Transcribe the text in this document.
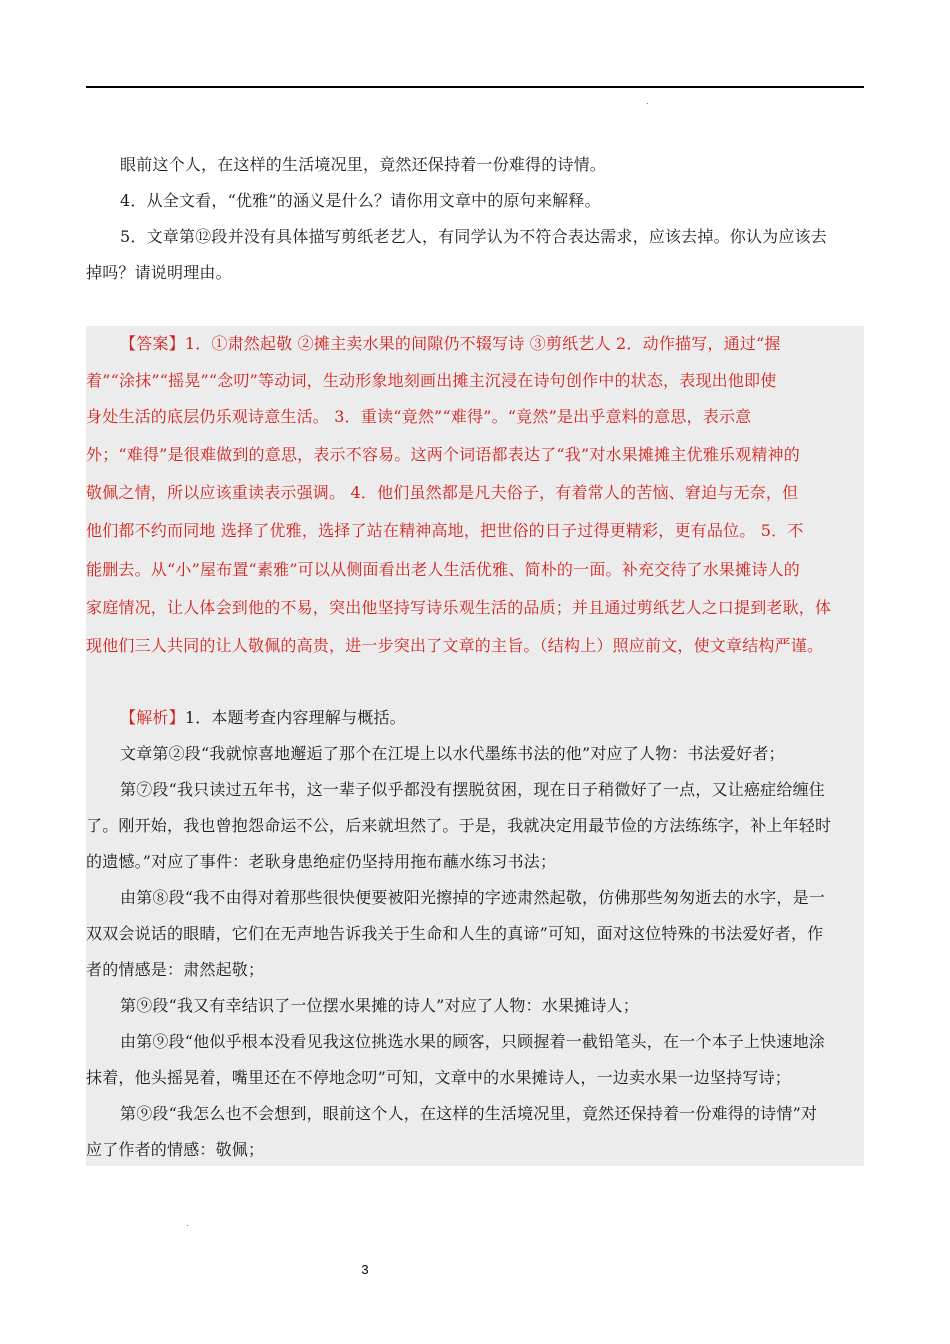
.
眼前这个人，在这样的生活境况里，竟然还保持着一份难得的诗情。
4．从全文看，“优雅”的涵义是什么？请你用文章中的原句来解释。
5．文章第⑫段并没有具体描写剪纸老艺人，有同学认为不符合表达需求，应该去掉。你认为应该去
掉吗？请说明理由。
【答案】1．①肃然起敬 ②摊主卖水果的间隙仍不辍写诗 ③剪纸艺人 2．动作描写，通过“握
着”“涂抹”“摇晃”“念叨”等动词，生动形象地刻画出摊主沉浸在诗句创作中的状态，表现出他即使
身处生活的底层仍乐观诗意生活。 3．重读“竟然”“难得”。“竟然”是出乎意料的意思，表示意
外；“难得”是很难做到的意思，表示不容易。这两个词语都表达了“我”对水果摊摊主优雅乐观精神的
敬佩之情，所以应该重读表示强调。 4．他们虽然都是凡夫俗子，有着常人的苦恼、窘迫与无奈，但
他们都不约而同地 选择了优雅，选择了站在精神高地，把世俗的日子过得更精彩，更有品位。 5．不
能删去。从“小”屋布置“素雅”可以从侧面看出老人生活优雅、简朴的一面。补充交待了水果摊诗人的
家庭情况，让人体会到他的不易，突出他坚持写诗乐观生活的品质；并且通过剪纸艺人之口提到老耿，体
现他们三人共同的让人敬佩的高贵，进一步突出了文章的主旨。（结构上）照应前文，使文章结构严谨。
【解析】1．本题考查内容理解与概括。
文章第②段“我就惊喜地邂逅了那个在江堤上以水代墨练书法的他”对应了人物：书法爱好者；
第⑦段“我只读过五年书，这一辈子似乎都没有摆脱贫困，现在日子稍微好了一点，又让癌症给缠住
了。刚开始，我也曾抱怨命运不公，后来就坦然了。于是，我就决定用最节俭的方法练练字，补上年轻时
的遗憾。”对应了事件：老耿身患绝症仍坚持用拖布蘸水练习书法；
由第⑧段“我不由得对着那些很快便要被阳光擦掉的字迹肃然起敬，仿佛那些匆匆逝去的水字，是一
双双会说话的眼睛，它们在无声地告诉我关于生命和人生的真谛”可知，面对这位特殊的书法爱好者，作
者的情感是：肃然起敬；
第⑨段“我又有幸结识了一位摆水果摊的诗人”对应了人物：水果摊诗人；
由第⑨段“他似乎根本没看见我这位挑选水果的顾客，只顾握着一截铅笔头，在一个本子上快速地涂
抹着，他头摇晃着，嘴里还在不停地念叨”可知，文章中的水果摊诗人，一边卖水果一边坚持写诗；
第⑨段“我怎么也不会想到，眼前这个人，在这样的生活境况里，竟然还保持着一份难得的诗情”对
应了作者的情感：敬佩；
.
3
